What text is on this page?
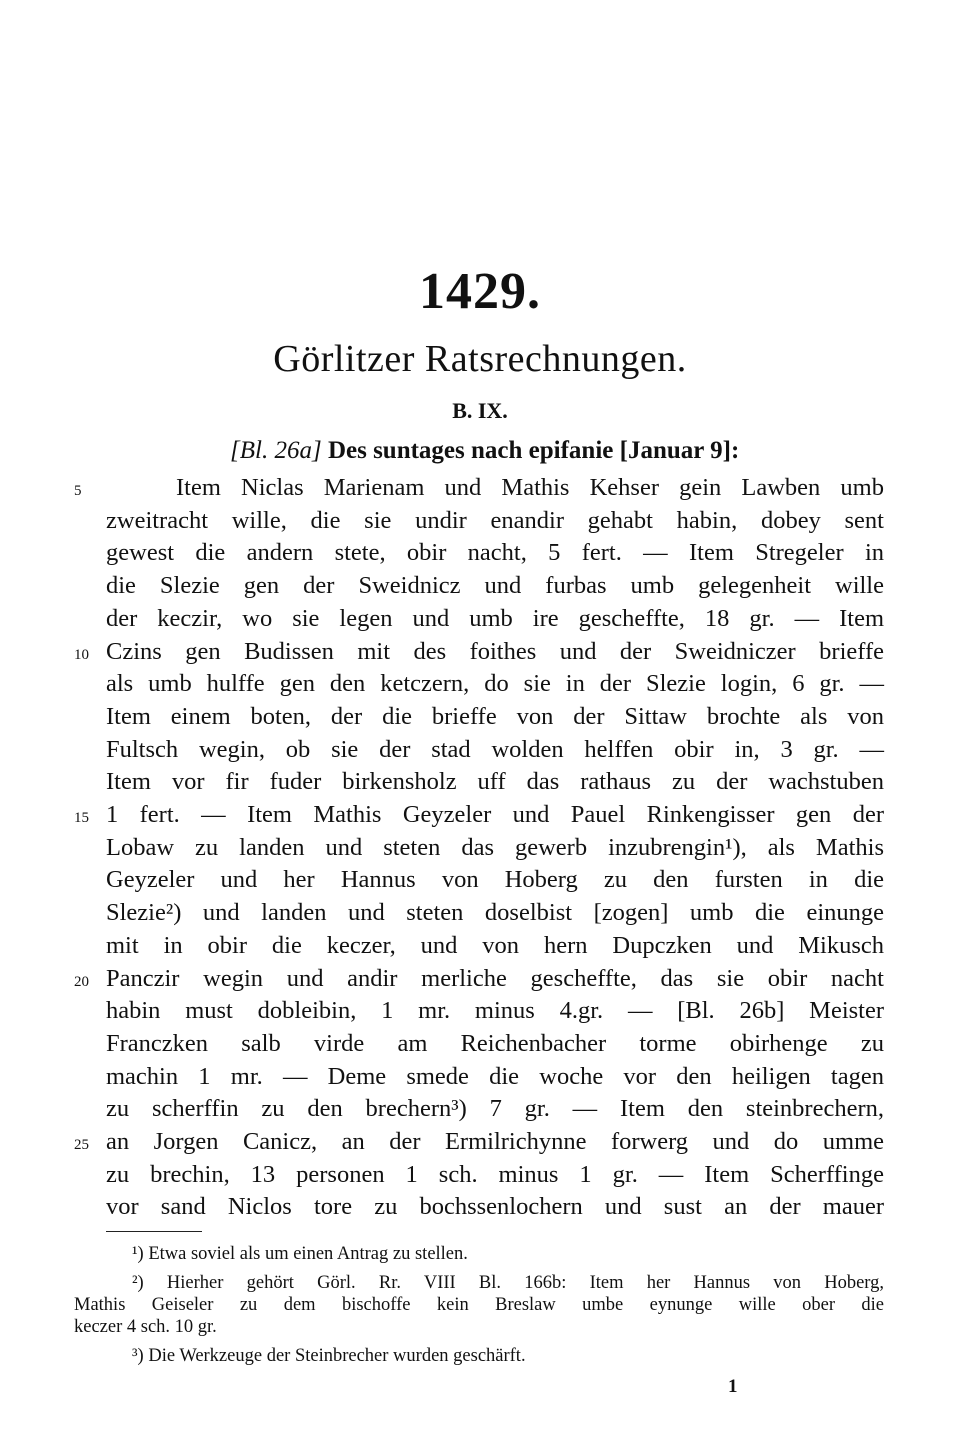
1429.
Görlitzer Ratsrechnungen.
B. IX.
[Bl. 26a] Des suntages nach epifanie [Januar 9]:
Item Niclas Marienam und Mathis Kehser gein Lawben umb
5
zweitracht wille, die sie undir enandir gehabt habin, dobey sent
gewest die andern stete, obir nacht, 5 fert. — Item Stregeler in
die Slezie gen der Sweidnicz und furbas umb gelegenheit wille
der keczir, wo sie legen und umb ire gescheffte, 18 gr. — Item
Czins gen Budissen mit des foithes und der Sweidniczer brieffe
10
als umb hulffe gen den ketczern, do sie in der Slezie login, 6 gr. —
Item einem boten, der die brieffe von der Sittaw brochte als von
Fultsch wegin, ob sie der stad wolden helffen obir in, 3 gr. —
Item vor fir fuder birkensholz uff das rathaus zu der wachstuben
1 fert. — Item Mathis Geyzeler und Pauel Rinkengisser gen der
15
Lobaw zu landen und steten das gewerb inzubrengin¹), als Mathis
Geyzeler und her Hannus von Hoberg zu den fursten in die
Slezie²) und landen und steten doselbist [zogen] umb die einunge
mit in obir die keczer, und von hern Dupczken und Mikusch
Panczir wegin und andir merliche gescheffte, das sie obir nacht
20
habin must dobleibin, 1 mr. minus 4.gr. — [Bl. 26b] Meister
Franczken salb virde am Reichenbacher torme obirhenge zu
machin 1 mr. — Deme smede die woche vor den heiligen tagen
zu scherffin zu den brechern³) 7 gr. — Item den steinbrechern,
an Jorgen Canicz, an der Ermilrichynne forwerg und do umme
25
zu brechin, 13 personen 1 sch. minus 1 gr. — Item Scherffinge
vor sand Niclos tore zu bochssenlochern und sust an der mauer
¹) Etwa soviel als um einen Antrag zu stellen.
²) Hierher gehört Görl. Rr. VIII Bl. 166b: Item her Hannus von Hoberg,
Mathis Geiseler zu dem bischoffe kein Breslaw umbe eynunge wille ober die
keczer 4 sch. 10 gr.
³) Die Werkzeuge der Steinbrecher wurden geschärft.
1
